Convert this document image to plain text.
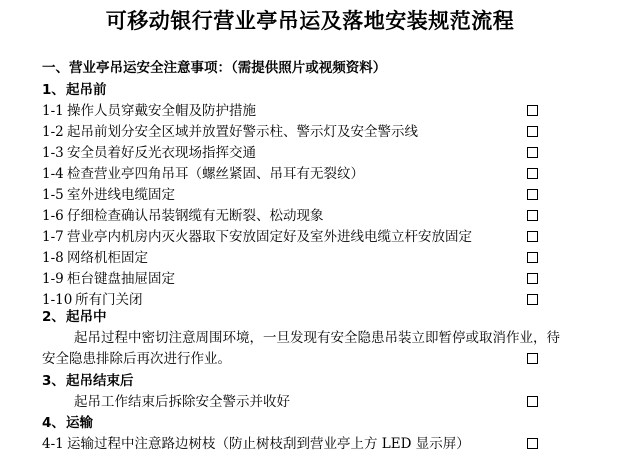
可移动银行营业亭吊运及落地安装规范流程
一、营业亭吊运安全注意事项：（需提供照片或视频资料）
1、 起吊前
1-1 操作人员穿戴安全帽及防护措施
1-2 起吊前划分安全区域并放置好警示柱、警示灯及安全警示线
1-3 安全员着好反光衣现场指挥交通
1-4 检查营业亭四角吊耳（螺丝紧固、吊耳有无裂纹）
1-5 室外进线电缆固定
1-6 仔细检查确认吊装钢缆有无断裂、松动现象
1-7 营业亭内机房内灭火器取下安放固定好及室外进线电缆立杆安放固定
1-8 网络机柜固定
1-9 柜台键盘抽屉固定
1-10 所有门关闭
2、 起吊中
起吊过程中密切注意周围环境，一旦发现有安全隐患吊装立即暂停或取消作业，待
安全隐患排除后再次进行作业。
3、 起吊结束后
起吊工作结束后拆除安全警示并收好
4、 运输
4-1 运输过程中注意路边树枝（防止树枝刮到营业亭上方 LED 显示屏）
